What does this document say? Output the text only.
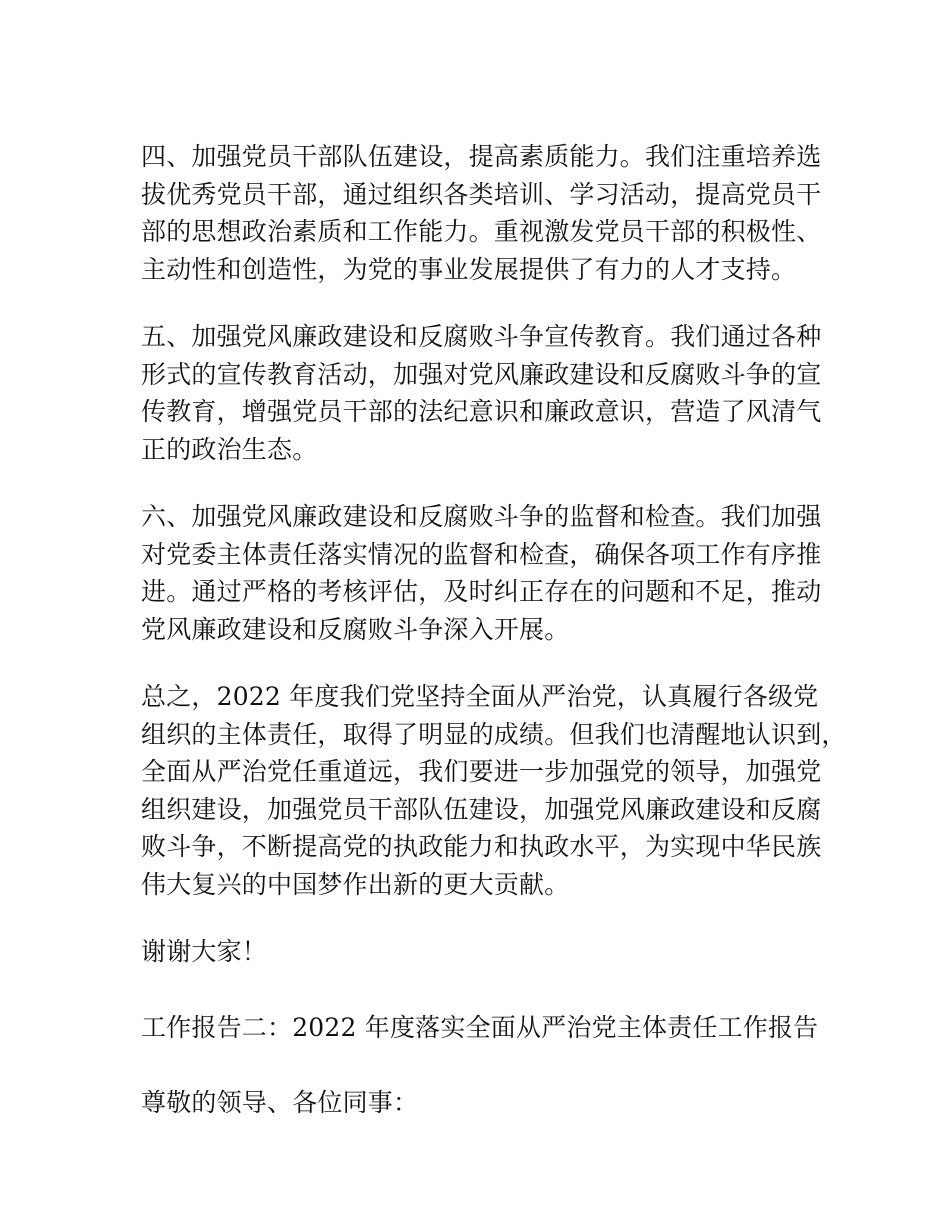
四、加强党员干部队伍建设，提高素质能力。我们注重培养选
拔优秀党员干部，通过组织各类培训、学习活动，提高党员干
部的思想政治素质和工作能力。重视激发党员干部的积极性、
主动性和创造性，为党的事业发展提供了有力的人才支持。

五、加强党风廉政建设和反腐败斗争宣传教育。我们通过各种
形式的宣传教育活动，加强对党风廉政建设和反腐败斗争的宣
传教育，增强党员干部的法纪意识和廉政意识，营造了风清气
正的政治生态。

六、加强党风廉政建设和反腐败斗争的监督和检查。我们加强
对党委主体责任落实情况的监督和检查，确保各项工作有序推
进。通过严格的考核评估，及时纠正存在的问题和不足，推动
党风廉政建设和反腐败斗争深入开展。

总之，2022 年度我们党坚持全面从严治党，认真履行各级党
组织的主体责任，取得了明显的成绩。但我们也清醒地认识到，
全面从严治党任重道远，我们要进一步加强党的领导，加强党
组织建设，加强党员干部队伍建设，加强党风廉政建设和反腐
败斗争，不断提高党的执政能力和执政水平，为实现中华民族
伟大复兴的中国梦作出新的更大贡献。

谢谢大家！

工作报告二：2022 年度落实全面从严治党主体责任工作报告

尊敬的领导、各位同事：
